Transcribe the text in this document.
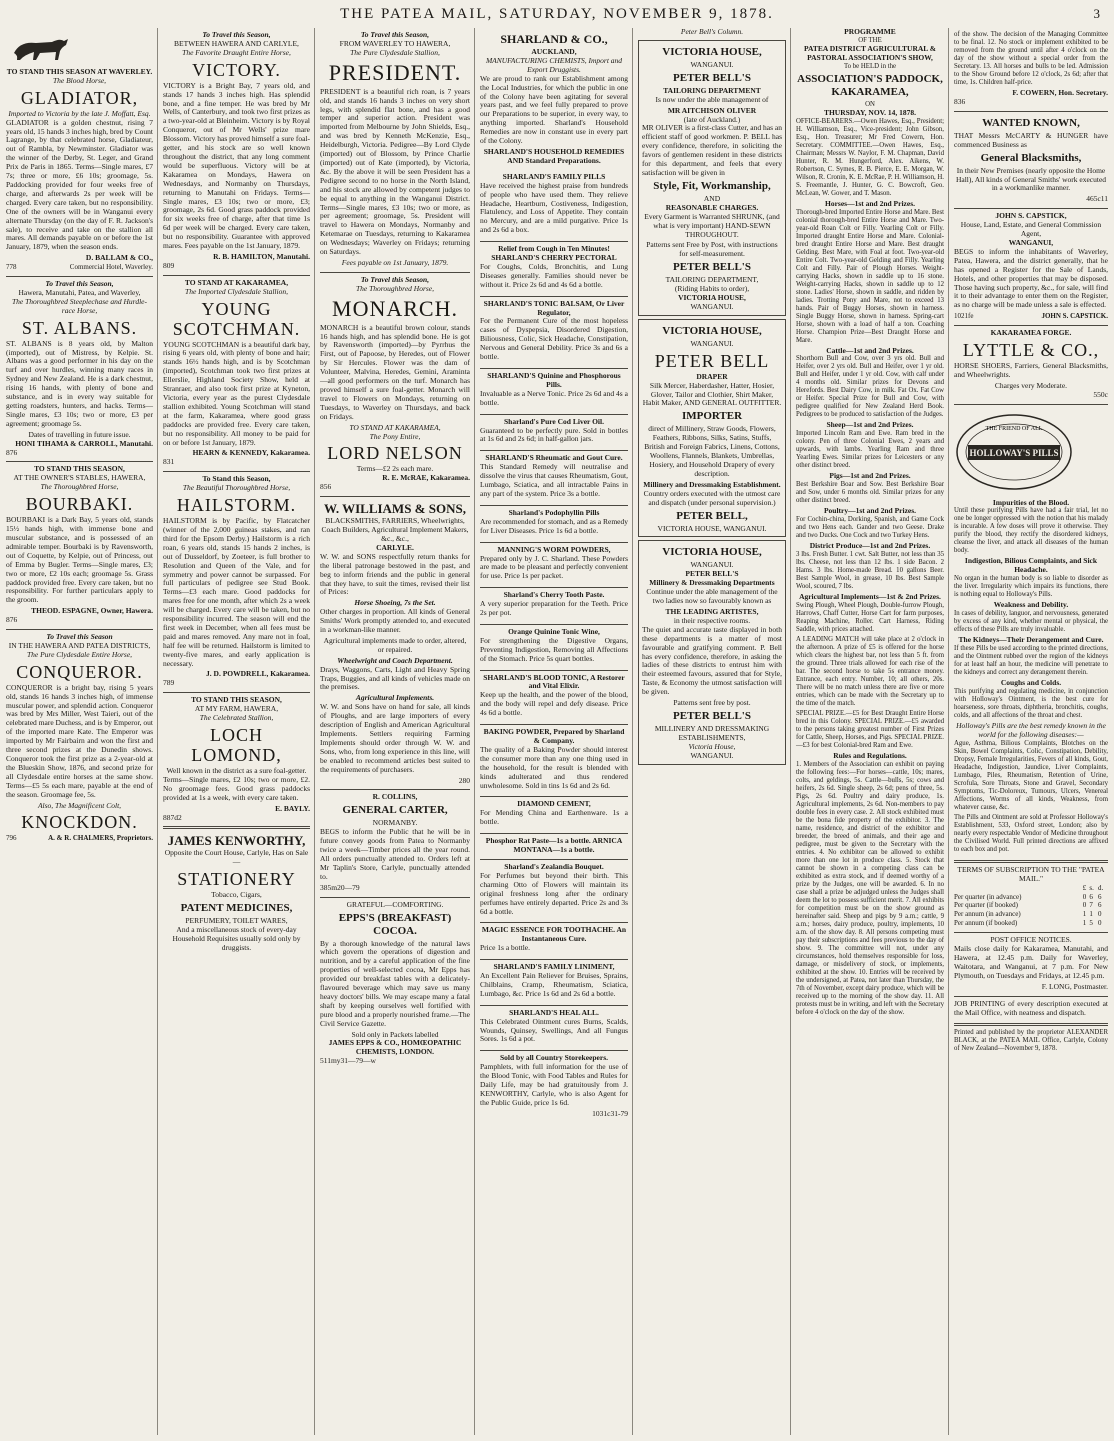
THE PATEA MAIL, SATURDAY, NOVEMBER 9, 1878.	3
TO STAND THIS SEASON AT WAVERLEY.
The Blood Horse,
GLADIATOR,
Imported to Victoria by the late J. Moffatt, Esq.

GLADIATOR is a golden chestnut, rising 7 years old, 15 hands 3 inches high, bred by Count Lagrange, by that celebrated horse, Gladiateur, out of Rambla, by Newminster. Gladiator was the winner of the Derby, St. Leger, and Grand Prix de Paris in 1865. Terms—Single mares, £7 7s; three or more, £6 10s; groomage, 5s. Paddocking provided for four weeks free of charge, and afterwards 2s per week will be charged. Every care taken, but no responsibility. One of the owners will be in Wanganui every alternate Thursday (on the day of F. R. Jackson's sale), to receive and take on the stallion all mares. All demands payable on or before the 1st January, 1879, when the season ends.

D. BALLAM & CO.,
778	Commercial Hotel, Waverley.
To Travel this Season,
Hawera, Manutahi, Patea, and Waverley,
The Thoroughbred Steeplechase and Hurdle-race Horse,
ST. ALBANS.

ST. ALBANS is 8 years old, by Malton (imported), out of Mistress, by Kelpie. St. Albans was a good performer in his day on the turf and over hurdles, winning many races in Sydney and New Zealand. He is a dark chestnut, rising 16 hands, with plenty of bone and substance, and is in every way suitable for getting roadsters, hunters, and hacks. Terms—Single mares, £3 10s; two or more, £3 per agreement; groomage 5s.

Dates of travelling in future issue.
HONI TIHAMA & CARROLL, Manutahi.
876
TO STAND THIS SEASON,
AT THE OWNER'S STABLES, HAWERA,
The Thoroughbred Horse,
BOURBAKI.

BOURBAKI is a Dark Bay, 5 years old, stands 15½ hands high, with immense bone and muscular substance, and is possessed of an admirable temper. Bourbaki is by Ravensworth, out of Coquette, by Kelpie, out of Princess, out of Emma by Bugler. Terms—Single mares, £3; two or more, £2 10s each; groomage 5s. Grass paddock provided free. Every care taken, but no responsibility. For further particulars apply to the groom.

THEOD. ESPAGNE, Owner, Hawera.
876
To Travel this Season
IN THE HAWERA AND PATEA DISTRICTS,
The Pure Clydesdale Entire Horse,
CONQUEROR.

CONQUEROR is a bright bay, rising 5 years old, stands 16 hands 3 inches high, of immense muscular power, and splendid action. Conqueror was bred by Mrs Miller, West Taieri, out of the celebrated mare Duchess, and is by Emperor, out of the imported mare Kate. The Emperor was imported by Mr Fairbairn and won the first and three second prizes at the Dunedin shows. Conqueror took the first prize as a 2-year-old at the Blueskin Show, 1876, and second prize for all Clydesdale entire horses at the same show. Terms—£5 5s each mare, payable at the end of the season. Groomage fee, 5s.

Also, The Magnificent Colt,
KNOCKDON.
796	A. & R. CHALMERS, Proprietors.
To Travel this Season,
BETWEEN HAWERA AND CARLYLE,
The Favorite Draught Entire Horse,
VICTORY.

VICTORY is a Bright Bay, 7 years old, and stands 17 hands 3 inches high. Has splendid bone, and a fine temper. He was bred by Mr Wells, of Canterbury, and took two first prizes as a two-year-old at Bleinheim. Victory is by Royal Conqueror, out of Mr Wells' prize mare Blossom. Victory has proved himself a sure foal-getter, and his stock are so well known throughout the district, that any long comment would be superfluous. Victory will be at Kakaramea on Mondays, Hawera on Wednesdays, and Normanby on Thursdays, returning to Manutahi on Fridays. Terms—Single mares, £3 10s; two or more, £3; groomage, 2s 6d. Good grass paddock provided for six weeks free of charge, after that time 1s 6d per week will be charged. Every care taken, but no responsibility. Guarantee with approved mares. Fees payable on the 1st January, 1879.

R. B. HAMILTON, Manutahi.
809
TO STAND AT KAKARAMEA,
The Imported Clydesdale Stallion,
YOUNG SCOTCHMAN.

YOUNG SCOTCHMAN is a beautiful dark bay, rising 6 years old, with plenty of bone and hair; stands 16½ hands high, and is by Scotchman (imported), Scotchman took two first prizes at Ellerslie, Highland Society Show, held at Stranraer, and also took first prize at Kyneton, Victoria, every year as the purest Clydesdale stallion exhibited. Young Scotchman will stand at the farm, Kakaramea, where good grass paddocks are provided free. Every care taken, but no responsibility. All money to be paid for on or before 1st January, 1879.

HEARN & KENNEDY, Kakaramea.
831
To Stand this Season,
The Beautiful Thoroughbred Horse,
HAILSTORM.

HAILSTORM is by Pacific, by Flatcatcher (winner of the 2,000 guineas stakes, and ran third for the Epsom Derby.) Hailstorm is a rich roan, 6 years old, stands 15 hands 2 inches, is out of Dusseldorf, by Zoeteer, is full brother to Resolution and Queen of the Vale, and for symmetry and power cannot be surpassed. For full particulars of pedigree see Stud Book. Terms—£3 each mare. Good paddocks for mares free for one month, after which 2s a week will be charged. Every care will be taken, but no responsibility incurred. The season will end the first week in December, when all fees must be paid and mares removed. Any mare not in foal, half fee will be returned. Hailstorm is limited to twenty-five mares, and early application is necessary.

J. D. POWDRELL, Kakaramea.
789
TO STAND THIS SEASON,
AT MY FARM, HAWERA,
The Celebrated Stallion,
LOCH LOMOND,
Well known in the district as a sure foal-getter.

Terms—Single mares, £2 10s; two or more, £2. No groomage fees. Good grass paddocks provided at 1s a week, with every care taken.

E. BAYLY.
887d2
JAMES KENWORTHY,
Opposite the Court House, Carlyle, Has on Sale—
STATIONERY
Tobacco, Cigars,
PATENT MEDICINES,
PERFUMERY, TOILET WARES,

And a miscellaneous stock of every-day Household Requisites usually sold only by druggists.

To Travel this Season,
FROM WAVERLEY TO HAWERA,
The Pure Clydesdale Stallion,
PRESIDENT.

PRESIDENT is a beautiful rich roan, is 7 years old, and stands 16 hands 3 inches on very short legs, with splendid flat bone, and has a good temper and superior action. President was imported from Melbourne by John Shields, Esq., and was bred by Kenneth McKenzie, Esq., Heidelburgh, Victoria. Pedigree—By Lord Clyde (imported) out of Blossom, by Prince Charlie (imported) out of Kate (imported), by Victoria, &c. By the above it will be seen President has a Pedigree second to no horse in the North Island, and his stock are allowed by competent judges to be equal to anything in the Wanganui District. Terms—Single mares, £3 10s; two or more, as per agreement; groomage, 5s. President will travel to Hawera on Mondays, Normanby and Ketemarae on Tuesdays, returning to Kakaramea on Wednesdays; Waverley on Fridays; returning on Saturdays.

Fees payable on 1st January, 1879.
To Travel this Season,
The Thoroughbred Horse,
MONARCH.

MONARCH is a beautiful brown colour, stands 16 hands high, and has splendid bone. He is got by Ravensworth (imported)—by Pyrrhus the First, out of Papoose, by Heredes, out of Flower by Sir Hercules. Flower was the dam of Volunteer, Malvina, Heredes, Gemini, Araminta—all good performers on the turf. Monarch has proved himself a sure foal-getter. Monarch will travel to Flowers on Mondays, returning on Tuesdays, to Waverley on Thursdays, and back on Fridays.

TO STAND AT KAKARAMEA,
The Pony Entire,
LORD NELSON
Terms—£2 2s each mare.
R. E. McRAE, Kakaramea.
856
W. WILLIAMS & SONS,
BLACKSMITHS, FARRIERS, Wheelwrights, Coach Builders, Agricultural Implement Makers, &c., &c.,
CARLYLE.

W. W. and SONS respectfully return thanks for the liberal patronage bestowed in the past, and beg to inform friends and the public in general that they have, to suit the times, revised their list of Prices:

Horse Shoeing, 7s the Set.

Other charges in proportion. All kinds of General Smiths' Work promptly attended to, and executed in a workman-like manner.

Agricultural implements made to order, altered, or repaired.

Wheelwright and Coach Department.

Drays, Waggons, Carts, Light and Heavy Spring Traps, Buggies, and all kinds of vehicles made on the premises.

Agricultural Implements.

W. W. and Sons have on hand for sale, all kinds of Ploughs, and are large importers of every description of English and American Agricultural Implements. Settlers requiring Farming Implements should order through W. W. and Sons, who, from long experience in this line, will be enabled to recommend articles best suited to the requirements of purchasers.

280
R. COLLINS,
GENERAL CARTER,
NORMANBY.

BEGS to inform the Public that he will be in future convey goods from Patea to Normanby twice a week—Timber prices all the year round. All orders punctually attended to. Orders left at Mr Taplin's Store, Carlyle, punctually attended to.

385m20—79
GRATEFUL—COMFORTING.
EPPS'S (BREAKFAST) COCOA.

By a thorough knowledge of the natural laws which govern the operations of digestion and nutrition, and by a careful application of the fine properties of well-selected cocoa, Mr Epps has provided our breakfast tables with a delicately-flavoured beverage which may save us many heavy doctors' bills. We may escape many a fatal shaft by keeping ourselves well fortified with pure blood and a properly nourished frame.—The Civil Service Gazette.

Sold only in Packets labelled
JAMES EPPS & CO., HOMŒOPATHIC CHEMISTS, LONDON.
511my31—79—w
SHARLAND & CO.,
AUCKLAND,
MANUFACTURING CHEMISTS, Import and Export Druggists.

We are proud to rank our Establishment among the Local Industries, for which the public in one of the Colony have been agitating for several years past, and we feel fully prepared to prove our Preparations to be superior, in every way, to anything imported. Sharland's Household Remedies are now in constant use in every part of the Colony.

SHARLAND'S HOUSEHOLD REMEDIES AND Standard Preparations.
SHARLAND'S FAMILY PILLS

Have received the highest praise from hundreds of people who have used them. They relieve Headache, Heartburn, Costiveness, Indigestion, Flatulency, and Loss of Appetite. They contain no Mercury, and are a mild purgative. Price 1s and 2s 6d a box.

Relief from Cough in Ten Minutes! SHARLAND'S CHERRY PECTORAL

For Coughs, Colds, Bronchitis, and Lung Diseases generally. Families should never be without it. Price 2s 6d and 4s 6d a bottle.

SHARLAND'S TONIC BALSAM, Or Liver Regulator,

For the Permanent Cure of the most hopeless cases of Dyspepsia, Disordered Digestion, Biliousness, Colic, Sick Headache, Constipation, Nervous and General Debility. Price 3s and 6s a bottle.

SHARLAND'S Quinine and Phosphorous Pills.

Invaluable as a Nerve Tonic. Price 2s 6d and 4s a bottle.

Sharland's Pure Cod Liver Oil.

Guaranteed to be perfectly pure. Sold in bottles at 1s 6d and 2s 6d; in half-gallon jars.

SHARLAND'S Rheumatic and Gout Cure.

This Standard Remedy will neutralise and dissolve the virus that causes Rheumatism, Gout, Lumbago, Sciatica, and all intractable Pains in any part of the system. Price 3s a bottle.

Sharland's Podophyllin Pills

Are recommended for stomach, and as a Remedy for Liver Diseases. Price 1s 6d a bottle.

MANNING'S WORM POWDERS,

Prepared only by J. C. Sharland. These Powders are made to be pleasant and perfectly convenient for use. Price 1s per packet.

Sharland's Cherry Tooth Paste.

A very superior preparation for the Teeth. Price 2s per pot.

Orange Quinine Tonic Wine,

For strengthening the Digestive Organs, Preventing Indigestion, Removing all Affections of the Stomach. Price 5s quart bottles.

SHARLAND'S BLOOD TONIC, A Restorer and Vital Elixir.

Keep up the health, and the power of the blood, and the body will repel and defy disease. Price 4s 6d a bottle.

BAKING POWDER, Prepared by Sharland & Company.

The quality of a Baking Powder should interest the consumer more than any one thing used in the household, for the result is blended with kinds adulterated and thus rendered unwholesome. Sold in tins 1s 6d and 2s 6d.

DIAMOND CEMENT,

For Mending China and Earthenware. 1s a bottle.

Phosphor Rat Paste—1s a bottle. ARNICA MONTANA—1s a bottle.
Sharland's Zealandia Bouquet.

For Perfumes but beyond their birth. This charming Otto of Flowers will maintain its original freshness long after the ordinary perfumes have entirely departed. Price 2s and 3s 6d a bottle.

MAGIC ESSENCE FOR TOOTHACHE. An Instantaneous Cure.

Price 1s a bottle.

SHARLAND'S FAMILY LINIMENT,

An Excellent Pain Reliever for Bruises, Sprains, Chilblains, Cramp, Rheumatism, Sciatica, Lumbago, &c. Price 1s 6d and 2s 6d a bottle.

SHARLAND'S HEAL ALL.

This Celebrated Ointment cures Burns, Scalds, Wounds, Quinsey, Swellings, And all Fungus Sores. 1s 6d a pot.

Sold by all Country Storekeepers.

Pamphlets, with full information for the use of the Blood Tonic, with Food Tables and Rules for Daily Life, may be had gratuitously from J. KENWORTHY, Carlyle, who is also Agent for the Public Guide, price 1s 6d.

1031c31-79
Peter Bell's Column.
VICTORIA HOUSE,
WANGANUI.
PETER BELL'S
TAILORING DEPARTMENT

Is now under the able management of

MR AITCHISON OLIVER
(late of Auckland.)

MR OLIVER is a first-class Cutter, and has an efficient staff of good workmen. P. BELL has every confidence, therefore, in soliciting the favors of gentlemen resident in these districts for this department, and feels that every satisfaction will be given in

Style, Fit, Workmanship,
AND
REASONABLE CHARGES.

Every Garment is Warranted SHRUNK, (and what is very important) HAND-SEWN THROUGHOUT.

Patterns sent Free by Post, with instructions for self-measurement.

PETER BELL'S
TAILORING DEPARTMENT,
(Riding Habits to order),
VICTORIA HOUSE,
WANGANUI.
VICTORIA HOUSE,
WANGANUI.
PETER BELL
DRAPER

Silk Mercer, Haberdasher, Hatter, Hosier, Glover, Tailor and Clothier, Shirt Maker, Habit Maker, AND GENERAL OUTFITTER.

IMPORTER

direct of Millinery, Straw Goods, Flowers, Feathers, Ribbons, Silks, Satins, Stuffs, British and Foreign Fabrics, Linens, Cottons, Woollens, Flannels, Blankets, Umbrellas, Hosiery, and Household Drapery of every description.

Millinery and Dressmaking Establishment.

Country orders executed with the utmost care and dispatch (under personal supervision.)

PETER BELL,
VICTORIA HOUSE, WANGANUI.
VICTORIA HOUSE,
WANGANUI.
PETER BELL'S
Millinery & Dressmaking Departments

Continue under the able management of the two ladies now so favourably known as

THE LEADING ARTISTES,
in their respective rooms.

The quiet and accurate taste displayed in both these departments is a matter of most favourable and gratifying comment. P. Bell has every confidence, therefore, in asking the ladies of these districts to entrust him with their esteemed favours, assured that for Style, Taste, & Economy the utmost satisfaction will be given.

Patterns sent free by post.
PETER BELL'S
MILLINERY AND DRESSMAKING ESTABLISHMENTS,
Victoria House,
WANGANUI.
PROGRAMME
OF THE
PATEA DISTRICT AGRICULTURAL & PASTORAL ASSOCIATION'S SHOW,
To be HELD in the
ASSOCIATION'S PADDOCK, KAKARAMEA,
ON
THURSDAY, NOV. 14, 1878.

OFFICE-BEARERS.—Owen Hawes, Esq., President; H. Williamson, Esq., Vice-president; John Gibson, Esq., Hon. Treasurer; Mr Fred Cowern, Hon. Secretary. COMMITTEE.—Owen Hawes, Esq., Chairman; Messrs W. Naylor, F. M. Chapman, David Hunter, R. M. Hungerford, Alex. Aikens, W. Robertson, C. Symes, R. B. Pierce, E. E. Morgan, W. Wilson, R. Cronin, K. E. McRae, P. H. Williamson, H. S. Freemantle, J. Hunter, G. C. Bowcroft, Geo. McLean, W. Gower, and T. Mason.

Horses—1st and 2nd Prizes.

Thorough-bred Imported Entire Horse and Mare. Best colonial thorough-bred Entire Horse and Mare. Two-year-old Roan Colt or Filly. Yearling Colt or Filly. Imported draught Entire Horse and Mare. Colonial-bred draught Entire Horse and Mare. Best draught Gelding. Best Mare, with Foal at foot. Two-year-old Entire Colt. Two-year-old Gelding and Filly. Yearling Colt and Filly. Pair of Plough Horses. Weight-carrying Hacks, shown in saddle up to 16 stone. Weight-carrying Hacks, shown in saddle up to 12 stone. Ladies' Horse, shown in saddle, and ridden by ladies. Trotting Pony and Mare, not to exceed 13 hands. Pair of Buggy Horses, shown in harness. Single Buggy Horse, shown in harness. Spring-cart Horse, shown with a load of half a ton. Coaching Horse. Champion Prize—Best Draught Horse and Mare.

Cattle—1st and 2nd Prizes.

Shorthorn Bull and Cow, over 3 yrs old. Bull and Heifer, over 2 yrs old. Bull and Heifer, over 1 yr old. Bull and Heifer, under 1 yr old. Cow, with calf under 4 months old. Similar prizes for Devons and Herefords. Best Dairy Cow, in milk. Fat Ox. Fat Cow or Heifer. Special Prize for Bull and Cow, with pedigree qualified for New Zealand Herd Book. Pedigrees to be produced to satisfaction of the Judges.

Sheep—1st and 2nd Prizes.

Imported Lincoln Ram and Ewe. Ram bred in the colony. Pen of three Colonial Ewes, 2 years and upwards, with lambs. Yearling Ram and three Yearling Ewes. Similar prizes for Leicesters or any other distinct breed.

Pigs—1st and 2nd Prizes.

Best Berkshire Boar and Sow. Best Berkshire Boar and Sow, under 6 months old. Similar prizes for any other distinct breed.

Poultry—1st and 2nd Prizes.

For Cochin-china, Dorking, Spanish, and Game Cock and two Hens each. Gander and two Geese. Drake and two Ducks. One Cock and two Turkey Hens.

District Produce—1st and 2nd Prizes.

3 lbs. Fresh Butter. 1 cwt. Salt Butter, not less than 35 lbs. Cheese, not less than 12 lbs. 1 side Bacon. 2 Hams. 3 lbs. Home-made Bread. 10 gallons Beer. Best Sample Wool, in grease, 10 lbs. Best Sample Wool, scoured, 7 lbs.

Agricultural Implements—1st & 2nd Prizes.

Swing Plough, Wheel Plough, Double-furrow Plough, Harrows, Chaff Cutter, Horse Cart for farm purposes, Reaping Machine, Roller. Cart Harness, Riding Saddle, with prices attached.

A LEADING MATCH will take place at 2 o'clock in the afternoon. A prize of £5 is offered for the horse which clears the highest bar, not less than 5 ft. from the ground. Three trials allowed for each rise of the bar. The second horse to take 5s entrance money. Entrance, each entry. Number, 10; all others, 20s. There will be no match unless there are five or more entries, which can be made with the Secretary up to the time of the match.

SPECIAL PRIZE.—£5 for Best Draught Entire Horse bred in this Colony. SPECIAL PRIZE.—£5 awarded to the persons taking greatest number of First Prizes for Cattle, Sheep, Horses, and Pigs. SPECIAL PRIZE.—£3 for best Colonial-bred Ram and Ewe.

Rules and Regulations.

1. Members of the Association can exhibit on paying the following fees:—For horses—cattle, 10s; mares, colts, and geldings, 5s. Cattle—bulls, 5s; cows and heifers, 2s 6d. Single sheep, 2s 6d; pens of three, 5s. Pigs, 2s 6d. Poultry and dairy produce, 1s. Agricultural implements, 2s 6d. Non-members to pay double fees in every case. 2. All stock exhibited must be the bona fide property of the exhibitor. 3. The name, residence, and district of the exhibitor and breeder, the breed of animals, and their age and pedigree, must be given to the Secretary with the entries. 4. No exhibitor can be allowed to exhibit more than one lot in produce class. 5. Stock that cannot be shown in a competing class can be exhibited as extra stock, and if deemed worthy of a prize by the Judges, one will be awarded. 6. In no case shall a prize be adjudged unless the Judges shall deem the lot to possess sufficient merit. 7. All exhibits for competition must be on the show ground as hereinafter said. Sheep and pigs by 9 a.m.; cattle, 9 a.m.; horses, dairy produce, poultry, implements, 10 a.m. of the show day. 8. All persons competing must pay their subscriptions and fees previous to the day of show. 9. The committee will not, under any circumstances, hold themselves responsible for loss, damage, or misdelivery of stock, or implements, exhibited at the show. 10. Entries will be received by the undersigned, at Patea, not later than Thursday, the 7th of November, except dairy produce, which will be received up to the morning of the show day. 11. All protests must be in writing, and left with the Secretary before 4 o'clock on the day of the show.

of the show. The decision of the Managing Committee to be final. 12. No stock or implement exhibited to be removed from the ground until after 4 o'clock on the day of the show without a special order from the Secretary. 13. All horses and bulls to be led. Admission to the Show Ground before 12 o'clock, 2s 6d; after that time, 1s. Children half-price.

F. COWERN, Hon. Secretary.
836
WANTED KNOWN,

THAT Messrs McCARTY & HUNGER have commenced Business as

General Blacksmiths,

In their New Premises (nearly opposite the Home Hall), All kinds of General Smiths' work executed in a workmanlike manner.

465c11
JOHN S. CAPSTICK,
House, Land, Estate, and General Commission Agent,
WANGANUI,

BEGS to inform the inhabitants of Waverley, Patea, Hawera, and the district generally, that he has opened a Register for the Sale of Lands, Hotels, and other properties that may be disposed. Those having such property, &c., for sale, will find it to their advantage to enter them on the Register, as no charge will be made unless a sale is effected.

1021fe	JOHN S. CAPSTICK.
KAKARAMEA FORGE.
LYTTLE & CO.,

HORSE SHOERS, Farriers, General Blacksmiths, and Wheelwrights.

Charges very Moderate.
550c
THE FRIEND OF ALL
HOLLOWAY'S PILLS
Impurities of the Blood.

Until these purifying Pills have had a fair trial, let no one be longer oppressed with the notion that his malady is incurable. A few doses will prove it otherwise. They purify the blood, they rectify the disordered kidneys, cleanse the liver, and attack all diseases of the human body.

Indigestion, Bilious Complaints, and Sick Headache.

No organ in the human body is so liable to disorder as the liver. Irregularity which impairs its functions, there is nothing equal to Holloway's Pills.

Weakness and Debility.

In cases of debility, languor, and nervousness, generated by excess of any kind, whether mental or physical, the effects of these Pills are truly invaluable.

The Kidneys—Their Derangement and Cure.

If these Pills be used according to the printed directions, and the Ointment rubbed over the region of the kidneys for at least half an hour, the medicine will penetrate to the kidneys and correct any derangement therein.

Coughs and Colds.

This purifying and regulating medicine, in conjunction with Holloway's Ointment, is the best cure for hoarseness, sore throats, diphtheria, bronchitis, coughs, colds, and all affections of the throat and chest.

Holloway's Pills are the best remedy known in the world for the following diseases:—

Ague, Asthma, Bilious Complaints, Blotches on the Skin, Bowel Complaints, Colic, Constipation, Debility, Dropsy, Female Irregularities, Fevers of all kinds, Gout, Headache, Indigestion, Jaundice, Liver Complaints, Lumbago, Piles, Rheumatism, Retention of Urine, Scrofula, Sore Throats, Stone and Gravel, Secondary Symptoms, Tic-Doloreux, Tumours, Ulcers, Venereal Affections, Worms of all kinds, Weakness, from whatever cause, &c.

The Pills and Ointment are sold at Professor Holloway's Establishment, 533, Oxford street, London; also by nearly every respectable Vendor of Medicine throughout the Civilised World. Full printed directions are affixed to each box and pot.

TERMS OF SUBSCRIPTION TO THE "PATEA MAIL."
	£	s.	d.
Per quarter (in advance)	0	6	6
Per quarter (if booked)	0	7	6
Per annum (in advance)	1	1	0
Per annum (if booked)	1	5	0
POST OFFICE NOTICES.

Mails close daily for Kakaramea, Manutahi, and Hawera, at 12.45 p.m. Daily for Waverley, Waitotara, and Wanganui, at 7 p.m. For New Plymouth, on Tuesdays and Fridays, at 12.45 p.m.

F. LONG, Postmaster.

JOB PRINTING of every description executed at the Mail Office, with neatness and dispatch.

Printed and published by the proprietor ALEXANDER BLACK, at the PATEA MAIL Office, Carlyle, Colony of New Zealand—November 9, 1878.
